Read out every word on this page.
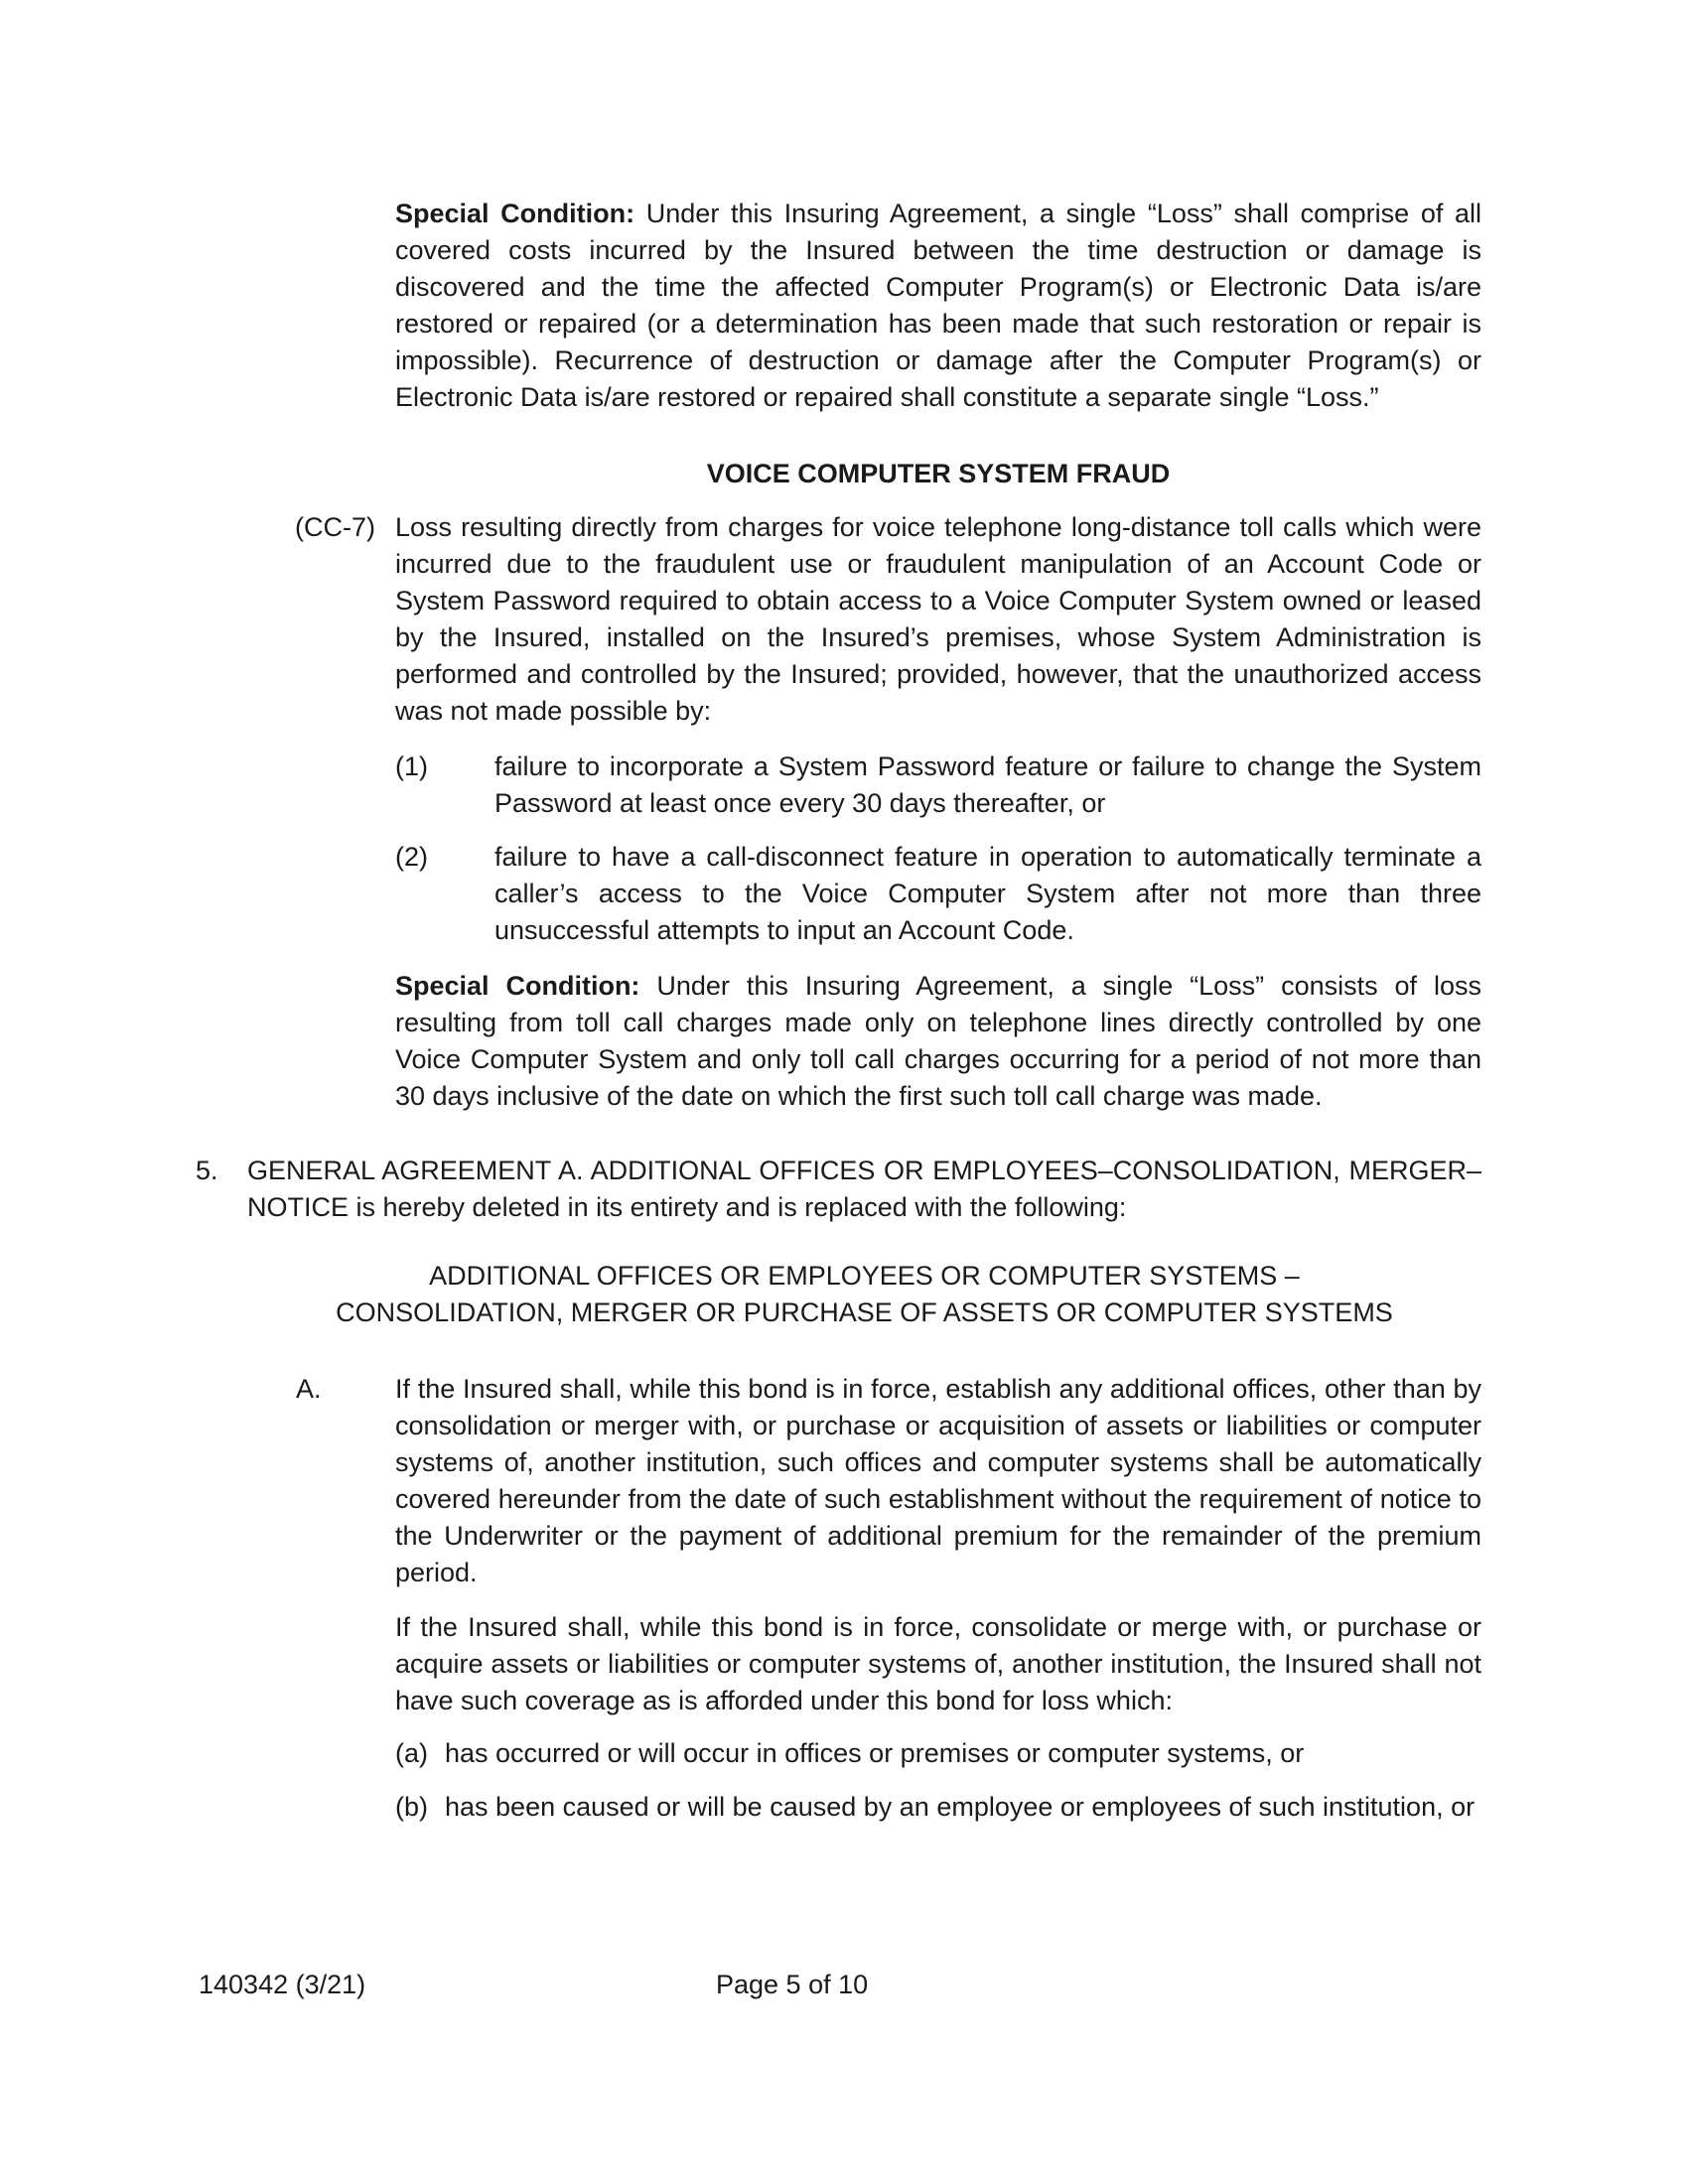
Special Condition: Under this Insuring Agreement, a single “Loss” shall comprise of all covered costs incurred by the Insured between the time destruction or damage is discovered and the time the affected Computer Program(s) or Electronic Data is/are restored or repaired (or a determination has been made that such restoration or repair is impossible). Recurrence of destruction or damage after the Computer Program(s) or Electronic Data is/are restored or repaired shall constitute a separate single “Loss.”
VOICE COMPUTER SYSTEM FRAUD
(CC-7) Loss resulting directly from charges for voice telephone long-distance toll calls which were incurred due to the fraudulent use or fraudulent manipulation of an Account Code or System Password required to obtain access to a Voice Computer System owned or leased by the Insured, installed on the Insured’s premises, whose System Administration is performed and controlled by the Insured; provided, however, that the unauthorized access was not made possible by:
(1) failure to incorporate a System Password feature or failure to change the System Password at least once every 30 days thereafter, or
(2) failure to have a call-disconnect feature in operation to automatically terminate a caller’s access to the Voice Computer System after not more than three unsuccessful attempts to input an Account Code.
Special Condition: Under this Insuring Agreement, a single “Loss” consists of loss resulting from toll call charges made only on telephone lines directly controlled by one Voice Computer System and only toll call charges occurring for a period of not more than 30 days inclusive of the date on which the first such toll call charge was made.
5. GENERAL AGREEMENT A. ADDITIONAL OFFICES OR EMPLOYEES–CONSOLIDATION, MERGER–NOTICE is hereby deleted in its entirety and is replaced with the following:
ADDITIONAL OFFICES OR EMPLOYEES OR COMPUTER SYSTEMS –
CONSOLIDATION, MERGER OR PURCHASE OF ASSETS OR COMPUTER SYSTEMS
A.	If the Insured shall, while this bond is in force, establish any additional offices, other than by consolidation or merger with, or purchase or acquisition of assets or liabilities or computer systems of, another institution, such offices and computer systems shall be automatically covered hereunder from the date of such establishment without the requirement of notice to the Underwriter or the payment of additional premium for the remainder of the premium period.
If the Insured shall, while this bond is in force, consolidate or merge with, or purchase or acquire assets or liabilities or computer systems of, another institution, the Insured shall not have such coverage as is afforded under this bond for loss which:
(a) has occurred or will occur in offices or premises or computer systems, or
(b) has been caused or will be caused by an employee or employees of such institution, or
140342 (3/21)	Page 5 of 10
